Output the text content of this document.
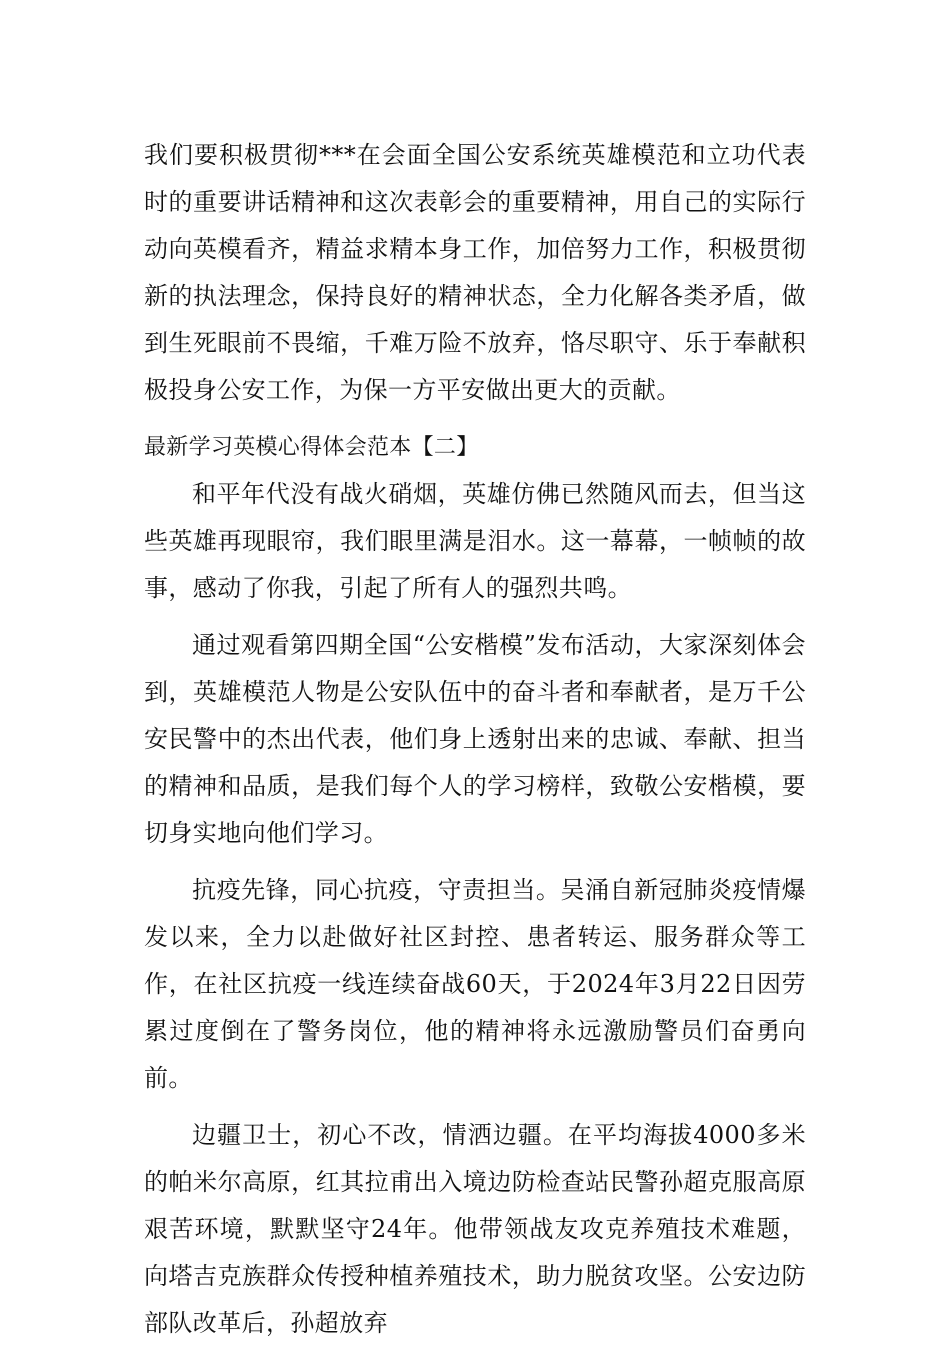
我们要积极贯彻***在会面全国公安系统英雄模范和立功代表时的重要讲话精神和这次表彰会的重要精神，用自己的实际行动向英模看齐，精益求精本身工作，加倍努力工作，积极贯彻新的执法理念，保持良好的精神状态，全力化解各类矛盾，做到生死眼前不畏缩，千难万险不放弃，恪尽职守、乐于奉献积极投身公安工作，为保一方平安做出更大的贡献。

最新学习英模心得体会范本【二】

和平年代没有战火硝烟，英雄仿佛已然随风而去，但当这些英雄再现眼帘，我们眼里满是泪水。这一幕幕，一帧帧的故事，感动了你我，引起了所有人的强烈共鸣。

通过观看第四期全国“公安楷模”发布活动，大家深刻体会到，英雄模范人物是公安队伍中的奋斗者和奉献者，是万千公安民警中的杰出代表，他们身上透射出来的忠诚、奉献、担当的精神和品质，是我们每个人的学习榜样，致敬公安楷模，要切身实地向他们学习。

抗疫先锋，同心抗疫，守责担当。吴涌自新冠肺炎疫情爆发以来，全力以赴做好社区封控、患者转运、服务群众等工作，在社区抗疫一线连续奋战60天，于2024年3月22日因劳累过度倒在了警务岗位，他的精神将永远激励警员们奋勇向前。

边疆卫士，初心不改，情洒边疆。在平均海拔4000多米的帕米尔高原，红其拉甫出入境边防检查站民警孙超克服高原艰苦环境，默默坚守24年。他带领战友攻克养殖技术难题，向塔吉克族群众传授种植养殖技术，助力脱贫攻坚。公安边防部队改革后，孙超放弃
